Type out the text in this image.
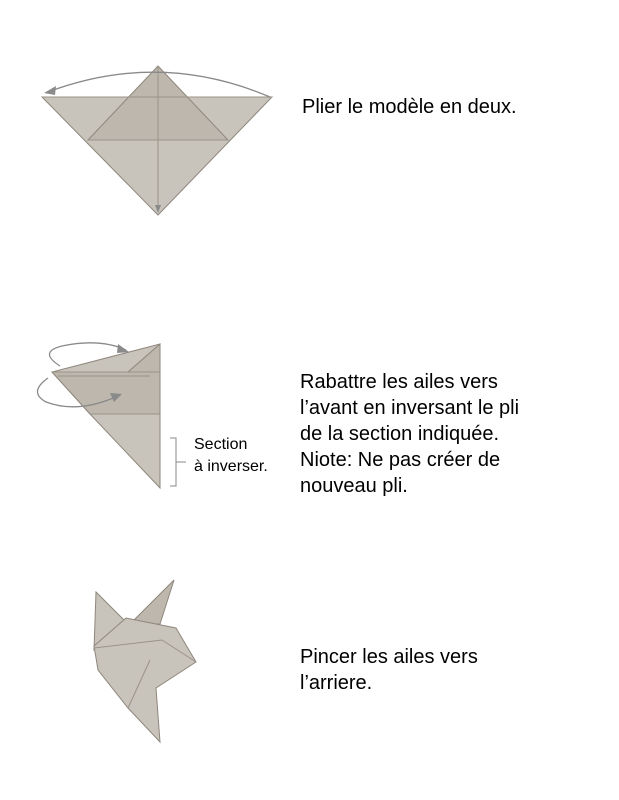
Plier le modèle en deux.
Section
à inverser.
Rabattre les ailes vers
l’avant en inversant le pli
de la section indiquée.
Niote: Ne pas créer de
nouveau pli.
Pincer les ailes vers
l’arriere.
